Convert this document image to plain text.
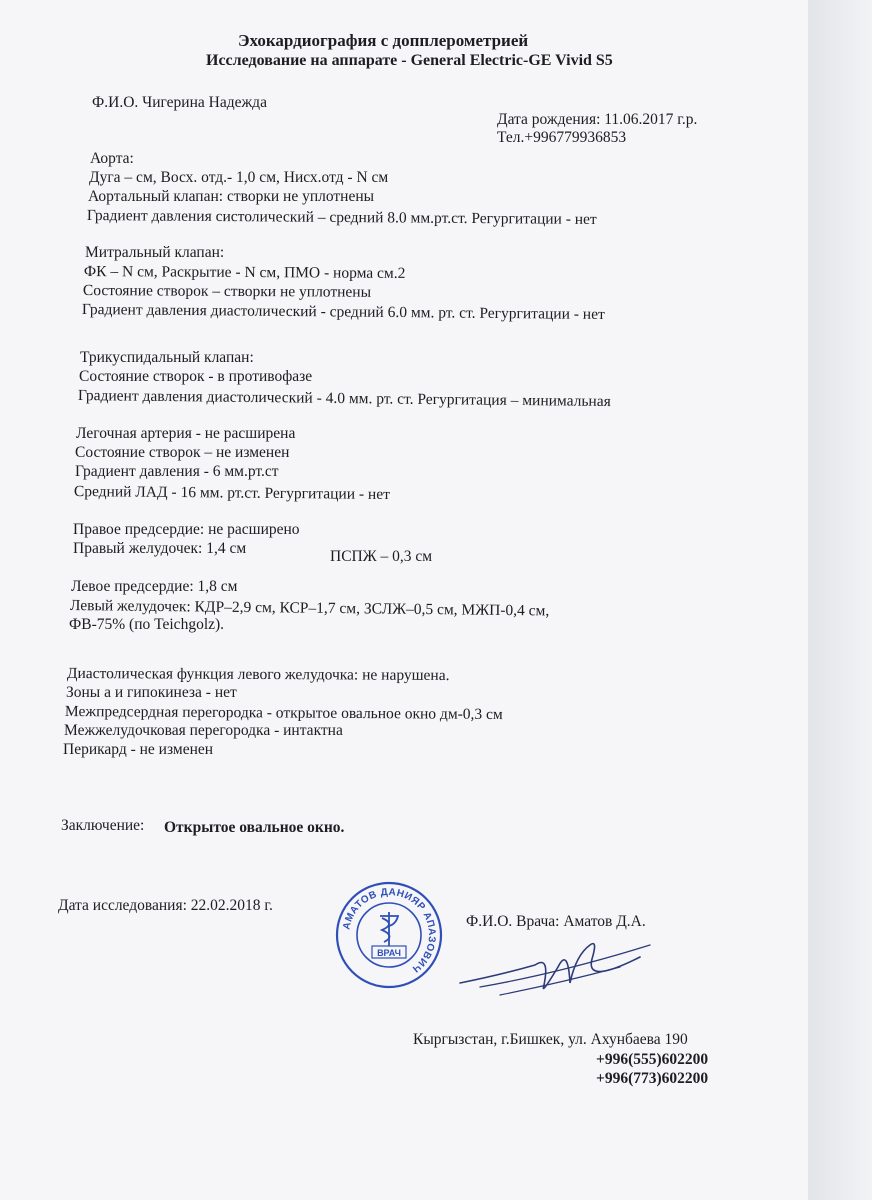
Эхокардиография с допплерометрией
Исследование на аппарате - General Electric-GE Vivid S5
Ф.И.О. Чигерина Надежда
Дата рождения: 11.06.2017 г.р.
Тел.+996779936853
Аорта:
Дуга – см, Восх. отд.- 1,0 см, Нисх.отд - N см
Аортальный клапан: створки не уплотнены
Градиент давления систолический – средний 8.0 мм.рт.ст. Регургитации - нет
Митральный клапан:
ФК – N см, Раскрытие - N см, ПМО - норма см.2
Состояние створок – створки не уплотнены
Градиент давления диастолический - средний 6.0 мм. рт. ст. Регургитации - нет
Трикуспидальный клапан:
Состояние створок - в противофазе
Градиент давления диастолический - 4.0 мм. рт. ст. Регургитация – минимальная
Легочная артерия - не расширена
Состояние створок – не изменен
Градиент давления - 6 мм.рт.ст
Средний ЛАД - 16 мм. рт.ст. Регургитации - нет
Правое предсердие: не расширено
Правый желудочек: 1,4 см	ПСПЖ – 0,3 см
Левое предсердие: 1,8 см
Левый желудочек: КДР–2,9 см, КСР–1,7 см, ЗСЛЖ–0,5 см, МЖП-0,4 см,
ФВ-75% (по Teichgolz).
Диастолическая функция левого желудочка: не нарушена.
Зоны а и гипокинеза - нет
Межпредсердная перегородка - открытое овальное окно дм-0,3 см
Межжелудочковая перегородка - интактна
Перикард - не изменен
Заключение: Открытое овальное окно.
Дата исследования: 22.02.2018 г.
Ф.И.О. Врача: Аматов Д.А.
АМАТОВ ДАНИЯР АПАЗОВИЧ
ВРАЧ
Кыргызстан, г.Бишкек, ул. Ахунбаева 190
+996(555)602200
+996(773)602200
